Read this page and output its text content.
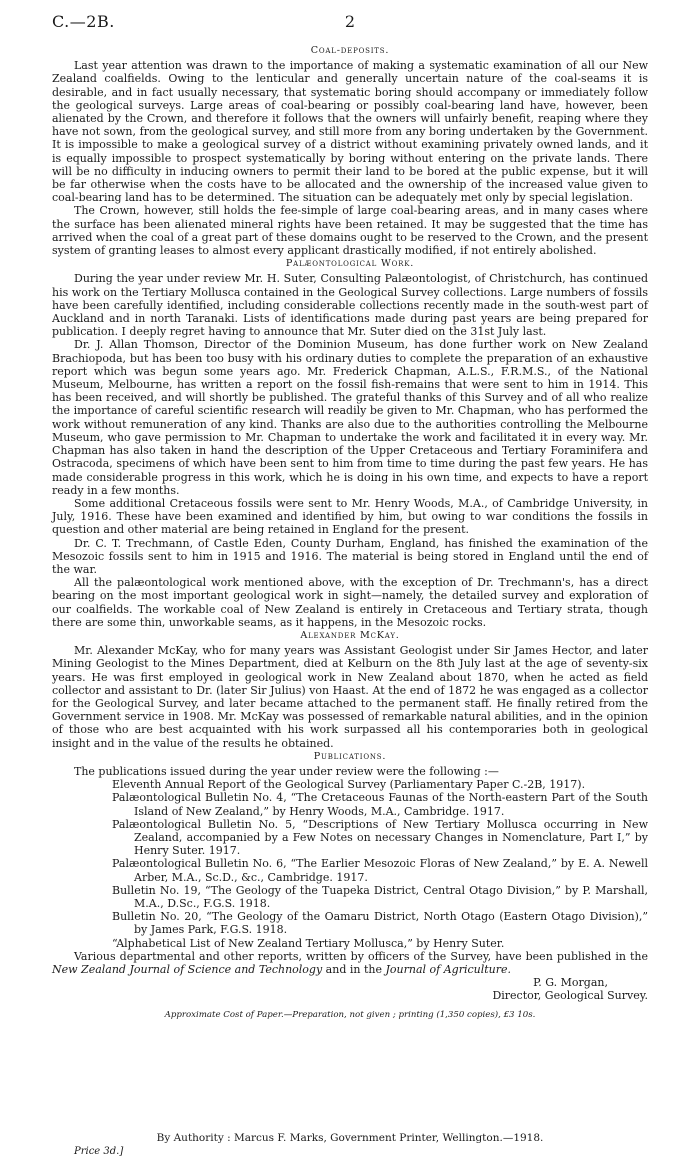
C.—2B.	2
Coal-deposits.

Last year attention was drawn to the importance of making a systematic examination of all our New Zealand coalfields. Owing to the lenticular and generally uncertain nature of the coal-seams it is desirable, and in fact usually necessary, that systematic boring should accompany or immediately follow the geological surveys. Large areas of coal-bearing or possibly coal-bearing land have, however, been alienated by the Crown, and therefore it follows that the owners will unfairly benefit, reaping where they have not sown, from the geological survey, and still more from any boring undertaken by the Government. It is impossible to make a geological survey of a district without examining privately owned lands, and it is equally impossible to prospect systematically by boring without entering on the private lands. There will be no difficulty in inducing owners to permit their land to be bored at the public expense, but it will be far otherwise when the costs have to be allocated and the ownership of the increased value given to coal-bearing land has to be determined. The situation can be adequately met only by special legislation.

The Crown, however, still holds the fee-simple of large coal-bearing areas, and in many cases where the surface has been alienated mineral rights have been retained. It may be suggested that the time has arrived when the coal of a great part of these domains ought to be reserved to the Crown, and the present system of granting leases to almost every applicant drastically modified, if not entirely abolished.

Palæontological Work.

During the year under review Mr. H. Suter, Consulting Palæontologist, of Christchurch, has continued his work on the Tertiary Mollusca contained in the Geological Survey collections. Large numbers of fossils have been carefully identified, including considerable collections recently made in the south-west part of Auckland and in north Taranaki. Lists of identifications made during past years are being prepared for publication. I deeply regret having to announce that Mr. Suter died on the 31st July last.

Dr. J. Allan Thomson, Director of the Dominion Museum, has done further work on New Zealand Brachiopoda, but has been too busy with his ordinary duties to complete the preparation of an exhaustive report which was begun some years ago. Mr. Frederick Chapman, A.L.S., F.R.M.S., of the National Museum, Melbourne, has written a report on the fossil fish-remains that were sent to him in 1914. This has been received, and will shortly be published. The grateful thanks of this Survey and of all who realize the importance of careful scientific research will readily be given to Mr. Chapman, who has performed the work without remuneration of any kind. Thanks are also due to the authorities controlling the Melbourne Museum, who gave permission to Mr. Chapman to undertake the work and facilitated it in every way. Mr. Chapman has also taken in hand the description of the Upper Cretaceous and Tertiary Foraminifera and Ostracoda, specimens of which have been sent to him from time to time during the past few years. He has made considerable progress in this work, which he is doing in his own time, and expects to have a report ready in a few months.

Some additional Cretaceous fossils were sent to Mr. Henry Woods, M.A., of Cambridge University, in July, 1916. These have been examined and identified by him, but owing to war conditions the fossils in question and other material are being retained in England for the present.

Dr. C. T. Trechmann, of Castle Eden, County Durham, England, has finished the examination of the Mesozoic fossils sent to him in 1915 and 1916. The material is being stored in England until the end of the war.

All the palæontological work mentioned above, with the exception of Dr. Trechmann's, has a direct bearing on the most important geological work in sight—namely, the detailed survey and exploration of our coalfields. The workable coal of New Zealand is entirely in Cretaceous and Tertiary strata, though there are some thin, unworkable seams, as it happens, in the Mesozoic rocks.

Alexander McKay.

Mr. Alexander McKay, who for many years was Assistant Geologist under Sir James Hector, and later Mining Geologist to the Mines Department, died at Kelburn on the 8th July last at the age of seventy-six years. He was first employed in geological work in New Zealand about 1870, when he acted as field collector and assistant to Dr. (later Sir Julius) von Haast. At the end of 1872 he was engaged as a collector for the Geological Survey, and later became attached to the permanent staff. He finally retired from the Government service in 1908. Mr. McKay was possessed of remarkable natural abilities, and in the opinion of those who are best acquainted with his work surpassed all his contemporaries both in geological insight and in the value of the results he obtained.

Publications.

The publications issued during the year under review were the following :—

Eleventh Annual Report of the Geological Survey (Parliamentary Paper C.-2B, 1917).
Palæontological Bulletin No. 4, “The Cretaceous Faunas of the North-eastern Part of the South Island of New Zealand,” by Henry Woods, M.A., Cambridge. 1917.
Palæontological Bulletin No. 5, “Descriptions of New Tertiary Mollusca occurring in New Zealand, accompanied by a Few Notes on necessary Changes in Nomenclature, Part I,” by Henry Suter. 1917.
Palæontological Bulletin No. 6, “The Earlier Mesozoic Floras of New Zealand,” by E. A. Newell Arber, M.A., Sc.D., &c., Cambridge. 1917.
Bulletin No. 19, “The Geology of the Tuapeka District, Central Otago Division,” by P. Marshall, M.A., D.Sc., F.G.S. 1918.
Bulletin No. 20, “The Geology of the Oamaru District, North Otago (Eastern Otago Division),” by James Park, F.G.S. 1918.
“Alphabetical List of New Zealand Tertiary Mollusca,” by Henry Suter.

Various departmental and other reports, written by officers of the Survey, have been published in the New Zealand Journal of Science and Technology and in the Journal of Agriculture.

P. G. Morgan,
Director, Geological Survey.
Approximate Cost of Paper.—Preparation, not given ; printing (1,350 copies), £3 10s.
By Authority : Marcus F. Marks, Government Printer, Wellington.—1918.
Price 3d.]
